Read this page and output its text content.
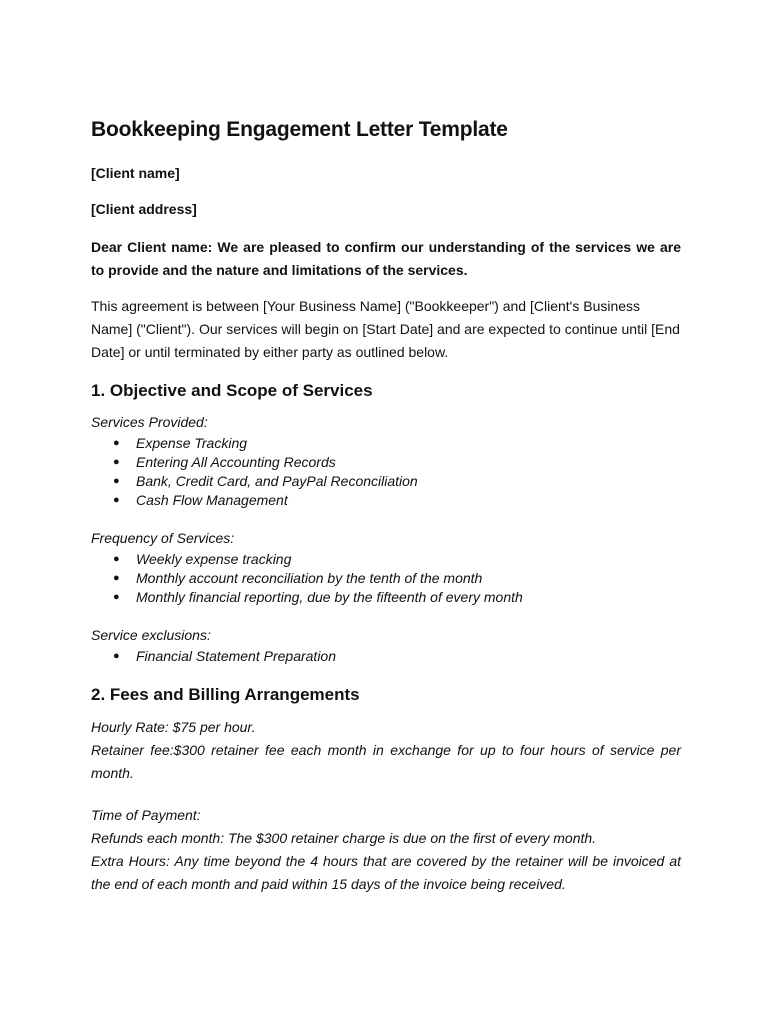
Bookkeeping Engagement Letter Template
[Client name]
[Client address]

Dear Client name: We are pleased to confirm our understanding of the services we are to provide and the nature and limitations of the services.

This agreement is between [Your Business Name] ("Bookkeeper") and [Client's Business Name] ("Client"). Our services will begin on [Start Date] and are expected to continue until [End Date] or until terminated by either party as outlined below.

1. Objective and Scope of Services

Services Provided:

● Expense Tracking
● Entering All Accounting Records
● Bank, Credit Card, and PayPal Reconciliation
● Cash Flow Management

Frequency of Services:

● Weekly expense tracking
● Monthly account reconciliation by the tenth of the month
● Monthly financial reporting, due by the fifteenth of every month

Service exclusions:

● Financial Statement Preparation
2. Fees and Billing Arrangements

Hourly Rate: $75 per hour.

Retainer fee:$300 retainer fee each month in exchange for up to four hours of service per month.

Time of Payment:

Refunds each month: The $300 retainer charge is due on the first of every month.

Extra Hours: Any time beyond the 4 hours that are covered by the retainer will be invoiced at the end of each month and paid within 15 days of the invoice being received.
